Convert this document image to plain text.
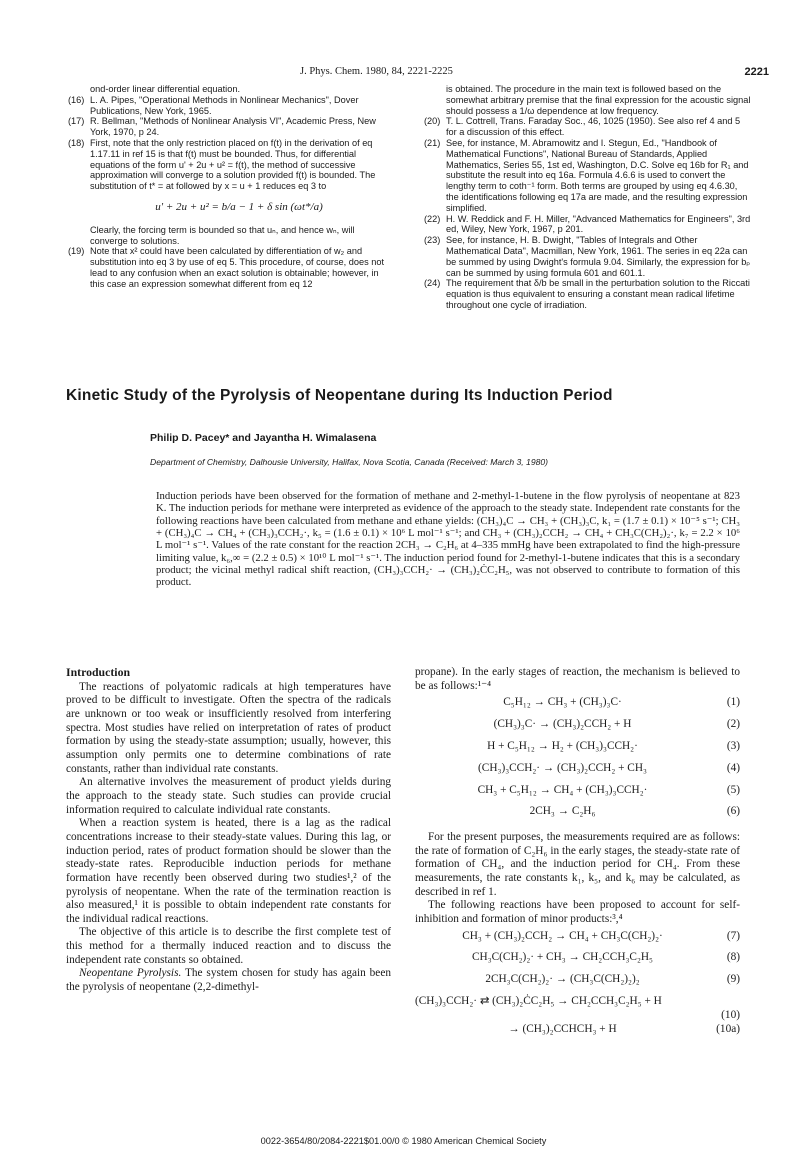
J. Phys. Chem. 1980, 84, 2221-2225	2221
ond-order linear differential equation.
(16) L. A. Pipes, "Operational Methods in Nonlinear Mechanics", Dover Publications, New York, 1965.
(17) R. Bellman, "Methods of Nonlinear Analysis VI", Academic Press, New York, 1970, p 24.
(18) First, note that the only restriction placed on f(t) in the derivation of eq 1.17.11 in ref 15 is that f(t) must be bounded. Thus, for differential equations of the form u' + 2u + u² = f(t), the method of successive approximation will converge to a solution provided f(t) is bounded. The substitution of t* = at followed by x = u + 1 reduces eq 3 to
u' + 2u + u² = b/a − 1 + δ sin (ωt*/a)
Clearly, the forcing term is bounded so that uₙ, and hence wₙ, will converge to solutions.
(19) Note that x² could have been calculated by differentiation of w₂ and substitution into eq 3 by use of eq 5. This procedure, of course, does not lead to any confusion when an exact solution is obtainable; however, in this case an expression somewhat different from eq 12
is obtained. The procedure in the main text is followed based on the somewhat arbitrary premise that the final expression for the acoustic signal should possess a 1/ω dependence at low frequency.
(20) T. L. Cottrell, Trans. Faraday Soc., 46, 1025 (1950). See also ref 4 and 5 for a discussion of this effect.
(21) See, for instance, M. Abramowitz and I. Stegun, Ed., "Handbook of Mathematical Functions", National Bureau of Standards, Applied Mathematics, Series 55, 1st ed, Washington, D.C. Solve eq 16b for R₁ and substitute the result into eq 16a. Formula 4.6.6 is used to convert the lengthy term to coth⁻¹ form. Both terms are grouped by using eq 4.6.30, the identifications following eq 17a are made, and the resulting expression simplified.
(22) H. W. Reddick and F. H. Miller, "Advanced Mathematics for Engineers", 3rd ed, Wiley, New York, 1967, p 201.
(23) See, for instance, H. B. Dwight, "Tables of Integrals and Other Mathematical Data", Macmillan, New York, 1961. The series in eq 22a can be summed by using Dwight's formula 9.04. Similarly, the expression for bₚ can be summed by using formula 601 and 601.1.
(24) The requirement that δ/b be small in the perturbation solution to the Riccati equation is thus equivalent to ensuring a constant mean radical lifetime throughout one cycle of irradiation.
Kinetic Study of the Pyrolysis of Neopentane during Its Induction Period
Philip D. Pacey* and Jayantha H. Wimalasena
Department of Chemistry, Dalhousie University, Halifax, Nova Scotia, Canada (Received: March 3, 1980)
Induction periods have been observed for the formation of methane and 2-methyl-1-butene in the flow pyrolysis of neopentane at 823 K. The induction periods for methane were interpreted as evidence of the approach to the steady state. Independent rate constants for the following reactions have been calculated from methane and ethane yields: (CH₃)₄C → CH₃ + (CH₃)₃C, k₁ = (1.7 ± 0.1) × 10⁻⁵ s⁻¹; CH₃ + (CH₃)₄C → CH₄ + (CH₃)₃CCH₂·, k₅ = (1.6 ± 0.1) × 10⁶ L mol⁻¹ s⁻¹; and CH₃ + (CH₃)₂CCH₂ → CH₄ + CH₃C(CH₂)₂·, k₇ = 2.2 × 10⁶ L mol⁻¹ s⁻¹. Values of the rate constant for the reaction 2CH₃ → C₂H₆ at 4–335 mmHg have been extrapolated to find the high-pressure limiting value, k₆,∞ = (2.2 ± 0.5) × 10¹⁰ L mol⁻¹ s⁻¹. The induction period found for 2-methyl-1-butene indicates that this is a secondary product; the vicinal methyl radical shift reaction, (CH₃)₃CCH₂· → (CH₃)₂ĊC₂H₅, was not observed to contribute to formation of this product.
Introduction

The reactions of polyatomic radicals at high temperatures have proved to be difficult to investigate. Often the spectra of the radicals are unknown or too weak or insufficiently resolved from interfering spectra. Most studies have relied on interpretation of rates of product formation by using the steady-state assumption; usually, however, this assumption only permits one to determine combinations of rate constants, rather than individual rate constants.

An alternative involves the measurement of product yields during the approach to the steady state. Such studies can provide crucial information required to calculate individual rate constants.

When a reaction system is heated, there is a lag as the radical concentrations increase to their steady-state values. During this lag, or induction period, rates of product formation should be slower than the steady-state rates. Reproducible induction periods for methane formation have recently been observed during two studies¹,² of the pyrolysis of neopentane. When the rate of the termination reaction is also measured,¹ it is possible to obtain independent rate constants for the individual radical reactions.

The objective of this article is to describe the first complete test of this method for a thermally induced reaction and to discuss the independent rate constants so obtained.

Neopentane Pyrolysis. The system chosen for study has again been the pyrolysis of neopentane (2,2-dimethyl-

propane). In the early stages of reaction, the mechanism is believed to be as follows:¹⁻⁴

C₅H₁₂ → CH₃ + (CH₃)₃C·	(1)
(CH₃)₃C· → (CH₃)₂CCH₂ + H	(2)
H + C₅H₁₂ → H₂ + (CH₃)₃CCH₂·	(3)
(CH₃)₃CCH₂· → (CH₃)₂CCH₂ + CH₃	(4)
CH₃ + C₅H₁₂ → CH₄ + (CH₃)₃CCH₂·	(5)
2CH₃ → C₂H₆	(6)

For the present purposes, the measurements required are as follows: the rate of formation of C₂H₆ in the early stages, the steady-state rate of formation of CH₄, and the induction period for CH₄. From these measurements, the rate constants k₁, k₅, and k₆ may be calculated, as described in ref 1.

The following reactions have been proposed to account for self-inhibition and formation of minor products:³,⁴

CH₃ + (CH₃)₂CCH₂ → CH₄ + CH₃C(CH₂)₂·	(7)
CH₃C(CH₂)₂· + CH₃ → CH₂CCH₃C₂H₅	(8)
2CH₃C(CH₂)₂· → (CH₃C(CH₂)₂)₂	(9)
(CH₃)₃CCH₂· ⇄ (CH₃)₂ĊC₂H₅ → CH₂CCH₃C₂H₅ + H
(10)
→ (CH₃)₂CCHCH₃ + H	(10a)
0022-3654/80/2084-2221$01.00/0 © 1980 American Chemical Society
